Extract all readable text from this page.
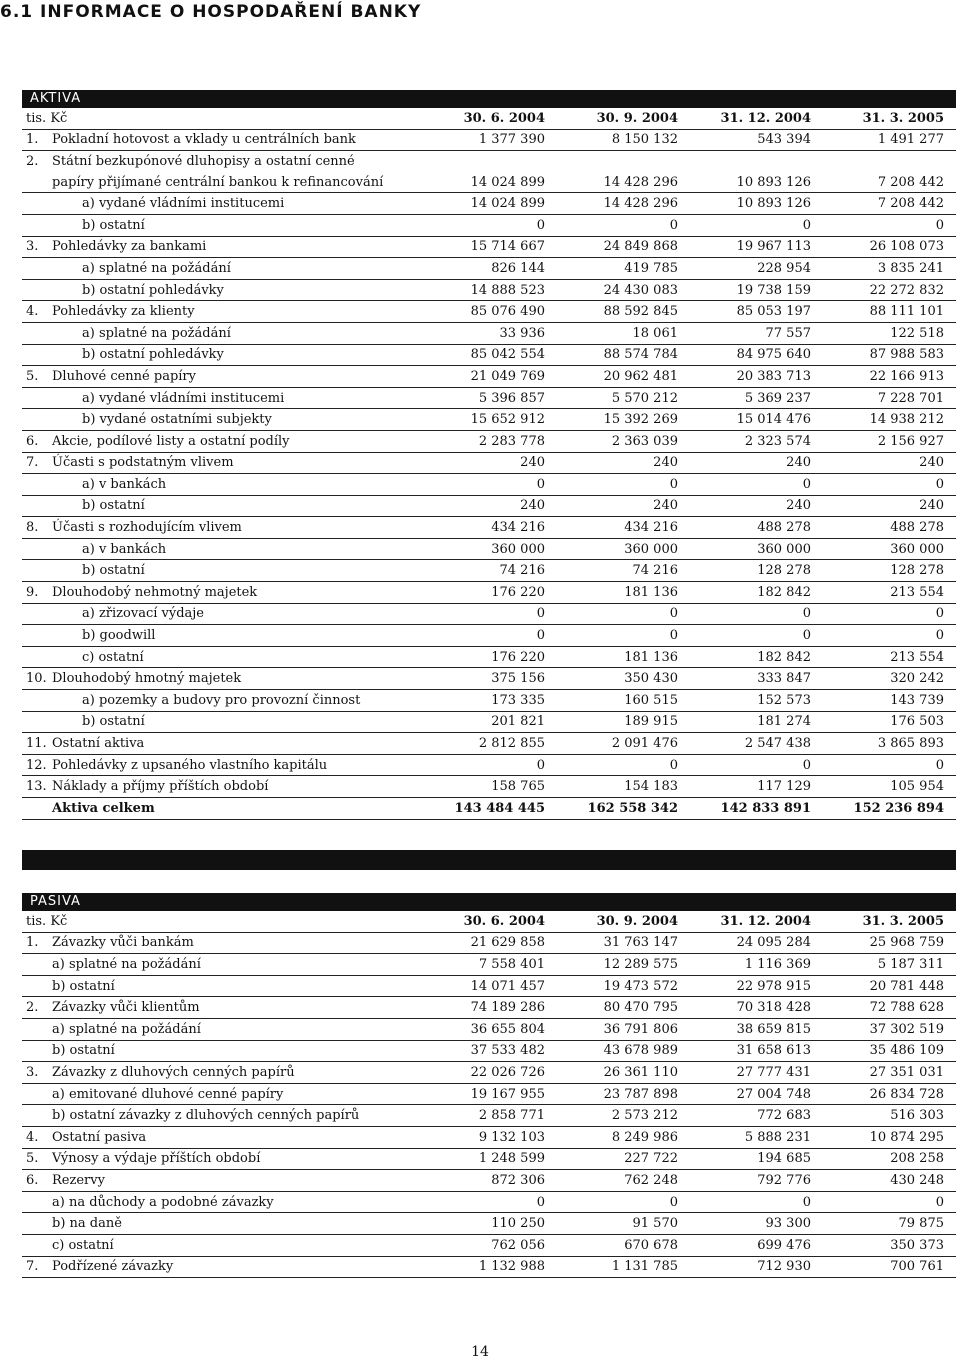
6.1 INFORMACE O HOSPODAŘENÍ BANKY
AKTIVA
tis. Kč	30. 6. 2004	30. 9. 2004	31. 12. 2004	31. 3. 2005
1. Pokladní hotovost a vklady u centrálních bank	1 377 390	8 150 132	543 394	1 491 277
2. Státní bezkupónové dluhopisy a ostatní cenné				
papíry přijímané centrální bankou k refinancování	14 024 899	14 428 296	10 893 126	7 208 442
a) vydané vládními institucemi	14 024 899	14 428 296	10 893 126	7 208 442
b) ostatní	0	0	0	0
3. Pohledávky za bankami	15 714 667	24 849 868	19 967 113	26 108 073
a) splatné na požádání	826 144	419 785	228 954	3 835 241
b) ostatní pohledávky	14 888 523	24 430 083	19 738 159	22 272 832
4. Pohledávky za klienty	85 076 490	88 592 845	85 053 197	88 111 101
a) splatné na požádání	33 936	18 061	77 557	122 518
b) ostatní pohledávky	85 042 554	88 574 784	84 975 640	87 988 583
5. Dluhové cenné papíry	21 049 769	20 962 481	20 383 713	22 166 913
a) vydané vládními institucemi	5 396 857	5 570 212	5 369 237	7 228 701
b) vydané ostatními subjekty	15 652 912	15 392 269	15 014 476	14 938 212
6. Akcie, podílové listy a ostatní podíly	2 283 778	2 363 039	2 323 574	2 156 927
7. Účasti s podstatným vlivem	240	240	240	240
a) v bankách	0	0	0	0
b) ostatní	240	240	240	240
8. Účasti s rozhodujícím vlivem	434 216	434 216	488 278	488 278
a) v bankách	360 000	360 000	360 000	360 000
b) ostatní	74 216	74 216	128 278	128 278
9. Dlouhodobý nehmotný majetek	176 220	181 136	182 842	213 554
a) zřizovací výdaje	0	0	0	0
b) goodwill	0	0	0	0
c) ostatní	176 220	181 136	182 842	213 554
10. Dlouhodobý hmotný majetek	375 156	350 430	333 847	320 242
a) pozemky a budovy pro provozní činnost	173 335	160 515	152 573	143 739
b) ostatní	201 821	189 915	181 274	176 503
11. Ostatní aktiva	2 812 855	2 091 476	2 547 438	3 865 893
12. Pohledávky z upsaného vlastního kapitálu	0	0	0	0
13. Náklady a příjmy příštích období	158 765	154 183	117 129	105 954
Aktiva celkem	143 484 445	162 558 342	142 833 891	152 236 894
PASIVA
tis. Kč	30. 6. 2004	30. 9. 2004	31. 12. 2004	31. 3. 2005
1. Závazky vůči bankám	21 629 858	31 763 147	24 095 284	25 968 759
a) splatné na požádání	7 558 401	12 289 575	1 116 369	5 187 311
b) ostatní	14 071 457	19 473 572	22 978 915	20 781 448
2. Závazky vůči klientům	74 189 286	80 470 795	70 318 428	72 788 628
a) splatné na požádání	36 655 804	36 791 806	38 659 815	37 302 519
b) ostatní	37 533 482	43 678 989	31 658 613	35 486 109
3. Závazky z dluhových cenných papírů	22 026 726	26 361 110	27 777 431	27 351 031
a) emitované dluhové cenné papíry	19 167 955	23 787 898	27 004 748	26 834 728
b) ostatní závazky z dluhových cenných papírů	2 858 771	2 573 212	772 683	516 303
4. Ostatní pasiva	9 132 103	8 249 986	5 888 231	10 874 295
5. Výnosy a výdaje příštích období	1 248 599	227 722	194 685	208 258
6. Rezervy	872 306	762 248	792 776	430 248
a) na důchody a podobné závazky	0	0	0	0
b) na daně	110 250	91 570	93 300	79 875
c) ostatní	762 056	670 678	699 476	350 373
7. Podřízené závazky	1 132 988	1 131 785	712 930	700 761
14
